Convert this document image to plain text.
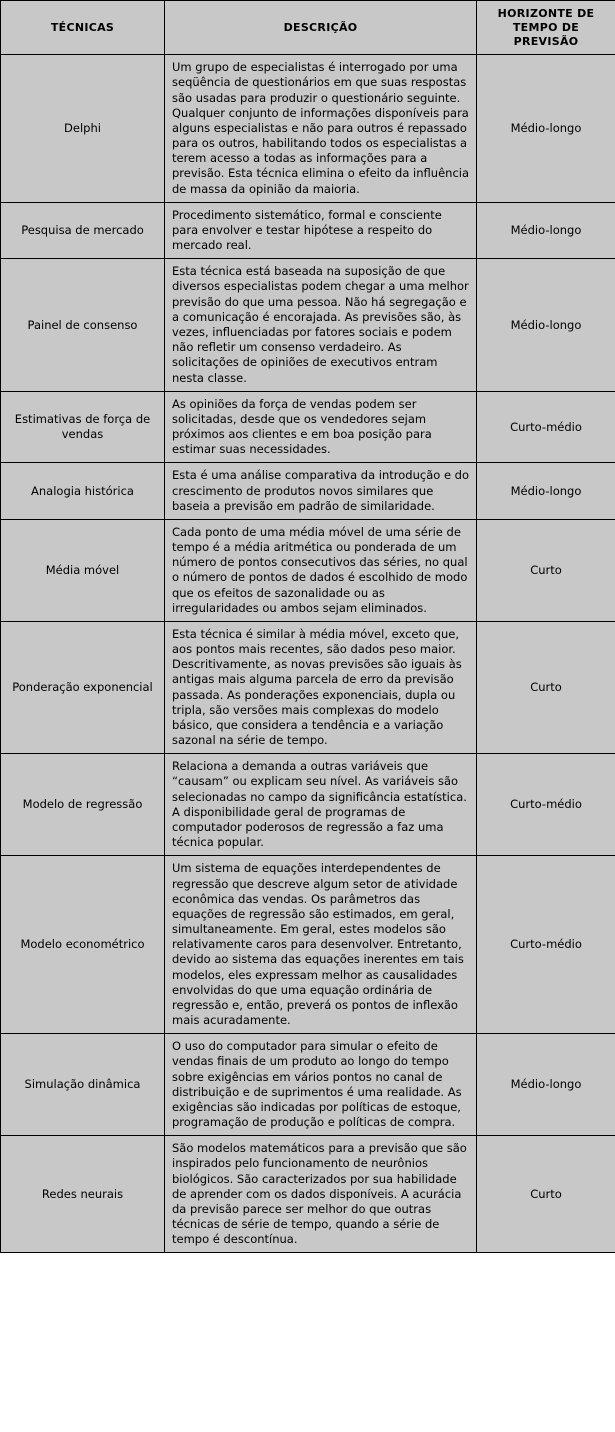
TÉCNICAS	DESCRIÇÃO	HORIZONTE DE TEMPO DE PREVISÃO
Delphi	Um grupo de especialistas é interrogado por uma seqüência de questionários em que suas respostas são usadas para produzir o questionário seguinte. Qualquer conjunto de informações disponíveis para alguns especialistas e não para outros é repassado para os outros, habilitando todos os especialistas a terem acesso a todas as informações para a previsão. Esta técnica elimina o efeito da influência de massa da opinião da maioria.	Médio-longo
Pesquisa de mercado	Procedimento sistemático, formal e consciente para envolver e testar hipótese a respeito do mercado real.	Médio-longo
Painel de consenso	Esta técnica está baseada na suposição de que diversos especialistas podem chegar a uma melhor previsão do que uma pessoa. Não há segregação e a comunicação é encorajada. As previsões são, às vezes, influenciadas por fatores sociais e podem não refletir um consenso verdadeiro. As solicitações de opiniões de executivos entram nesta classe.	Médio-longo
Estimativas de força de vendas	As opiniões da força de vendas podem ser solicitadas, desde que os vendedores sejam próximos aos clientes e em boa posição para estimar suas necessidades.	Curto-médio
Analogia histórica	Esta é uma análise comparativa da introdução e do crescimento de produtos novos similares que baseia a previsão em padrão de similaridade.	Médio-longo
Média móvel	Cada ponto de uma média móvel de uma série de tempo é a média aritmética ou ponderada de um número de pontos consecutivos das séries, no qual o número de pontos de dados é escolhido de modo que os efeitos de sazonalidade ou as irregularidades ou ambos sejam eliminados.	Curto
Ponderação exponencial	Esta técnica é similar à média móvel, exceto que, aos pontos mais recentes, são dados peso maior. Descritivamente, as novas previsões são iguais às antigas mais alguma parcela de erro da previsão passada. As ponderações exponenciais, dupla ou tripla, são versões mais complexas do modelo básico, que considera a tendência e a variação sazonal na série de tempo.	Curto
Modelo de regressão	Relaciona a demanda a outras variáveis que “causam” ou explicam seu nível. As variáveis são selecionadas no campo da significância estatística. A disponibilidade geral de programas de computador poderosos de regressão a faz uma técnica popular.	Curto-médio
Modelo econométrico	Um sistema de equações interdependentes de regressão que descreve algum setor de atividade econômica das vendas. Os parâmetros das equações de regressão são estimados, em geral, simultaneamente. Em geral, estes modelos são relativamente caros para desenvolver. Entretanto, devido ao sistema das equações inerentes em tais modelos, eles expressam melhor as causalidades envolvidas do que uma equação ordinária de regressão e, então, preverá os pontos de inflexão mais acuradamente.	Curto-médio
Simulação dinâmica	O uso do computador para simular o efeito de vendas finais de um produto ao longo do tempo sobre exigências em vários pontos no canal de distribuição e de suprimentos é uma realidade. As exigências são indicadas por políticas de estoque, programação de produção e políticas de compra.	Médio-longo
Redes neurais	São modelos matemáticos para a previsão que são inspirados pelo funcionamento de neurônios biológicos. São caracterizados por sua habilidade de aprender com os dados disponíveis. A acurácia da previsão parece ser melhor do que outras técnicas de série de tempo, quando a série de tempo é descontínua.	Curto
